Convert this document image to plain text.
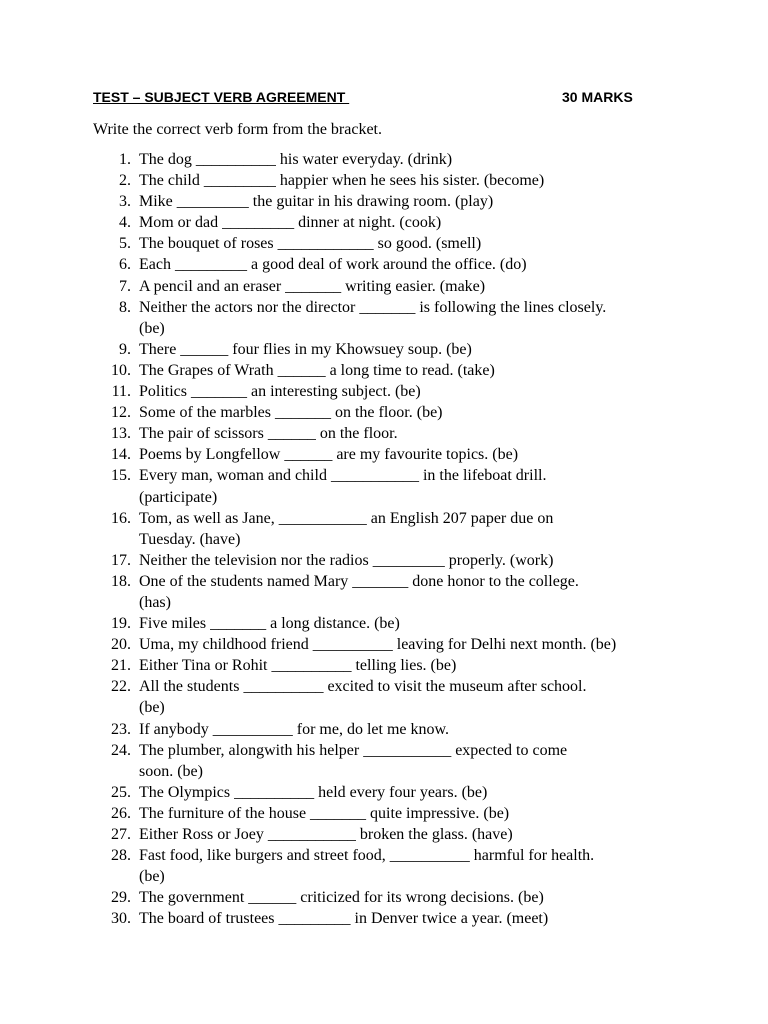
TEST – SUBJECT VERB AGREEMENT	30 MARKS
Write the correct verb form from the bracket.
1. The dog __________ his water everyday. (drink)
2. The child _________ happier when he sees his sister. (become)
3. Mike _________ the guitar in his drawing room. (play)
4. Mom or dad _________ dinner at night. (cook)
5. The bouquet of roses ____________ so good. (smell)
6. Each _________ a good deal of work around the office. (do)
7. A pencil and an eraser _______ writing easier. (make)
8. Neither the actors nor the director _______ is following the lines closely.
(be)
9. There ______ four flies in my Khowsuey soup. (be)
10. The Grapes of Wrath ______ a long time to read. (take)
11. Politics _______ an interesting subject. (be)
12. Some of the marbles _______ on the floor. (be)
13. The pair of scissors ______ on the floor.
14. Poems by Longfellow ______ are my favourite topics. (be)
15. Every man, woman and child ___________ in the lifeboat drill.
(participate)
16. Tom, as well as Jane, ___________ an English 207 paper due on
Tuesday. (have)
17. Neither the television nor the radios _________ properly. (work)
18. One of the students named Mary _______ done honor to the college.
(has)
19. Five miles _______ a long distance. (be)
20. Uma, my childhood friend __________ leaving for Delhi next month. (be)
21. Either Tina or Rohit __________ telling lies. (be)
22. All the students __________ excited to visit the museum after school.
(be)
23. If anybody __________ for me, do let me know.
24. The plumber, alongwith his helper ___________ expected to come
soon. (be)
25. The Olympics __________ held every four years. (be)
26. The furniture of the house _______ quite impressive. (be)
27. Either Ross or Joey ___________ broken the glass. (have)
28. Fast food, like burgers and street food, __________ harmful for health.
(be)
29. The government ______ criticized for its wrong decisions. (be)
30. The board of trustees _________ in Denver twice a year. (meet)
